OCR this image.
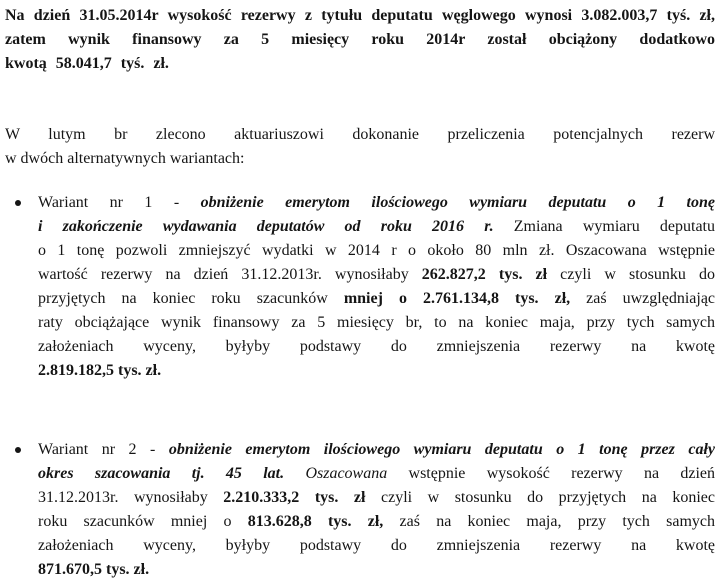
Na dzień 31.05.2014r wysokość rezerwy z tytułu deputatu węglowego wynosi 3.082.003,7 tyś. zł,
zatem wynik finansowy za 5 miesięcy roku 2014r został obciążony dodatkowo
kwotą 58.041,7 tyś. zł.
W lutym br zlecono aktuariuszowi dokonanie przeliczenia potencjalnych rezerw
w dwóch alternatywnych wariantach:
Wariant nr 1 - obniżenie emerytom ilościowego wymiaru deputatu o 1 tonę
i zakończenie wydawania deputatów od roku 2016 r. Zmiana wymiaru deputatu
o 1 tonę pozwoli zmniejszyć wydatki w 2014 r o około 80 mln zł. Oszacowana wstępnie
wartość rezerwy na dzień 31.12.2013r. wynosiłaby 262.827,2 tys. zł czyli w stosunku do
przyjętych na koniec roku szacunków mniej o 2.761.134,8 tys. zł, zaś uwzględniając
raty obciążające wynik finansowy za 5 miesięcy br, to na koniec maja, przy tych samych
założeniach wyceny, byłyby podstawy do zmniejszenia rezerwy na kwotę
2.819.182,5 tys. zł.
Wariant nr 2 - obniżenie emerytom ilościowego wymiaru deputatu o 1 tonę przez cały
okres szacowania tj. 45 lat. Oszacowana wstępnie wysokość rezerwy na dzień
31.12.2013r. wynosiłaby 2.210.333,2 tys. zł czyli w stosunku do przyjętych na koniec
roku szacunków mniej o 813.628,8 tys. zł, zaś na koniec maja, przy tych samych
założeniach wyceny, byłyby podstawy do zmniejszenia rezerwy na kwotę
871.670,5 tys. zł.
